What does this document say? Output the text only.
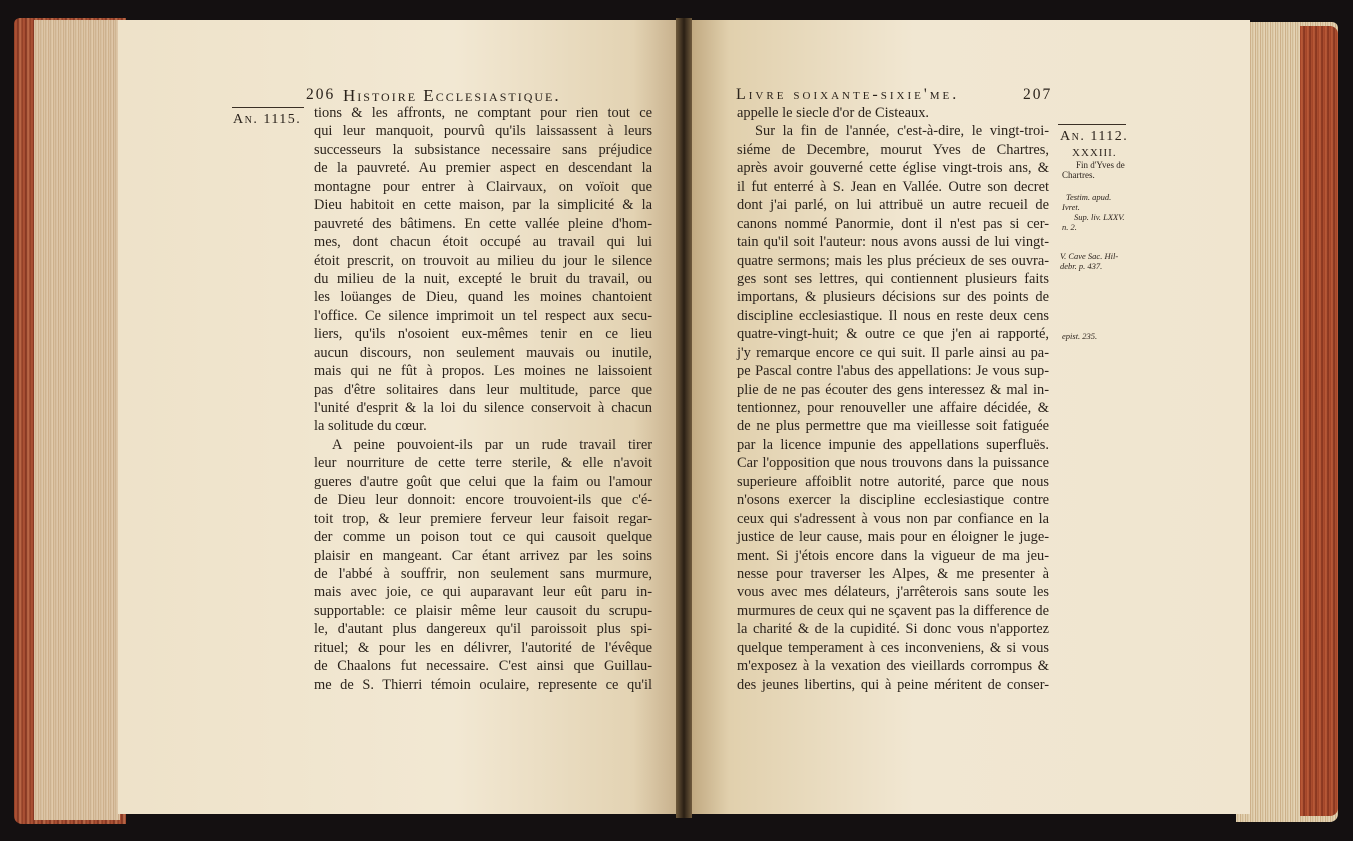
206 Histoire Ecclesiastique.
An. 1115. tions & les affronts, ne comptant pour rien tout ce
qui leur manquoit, pourvû qu'ils laissassent à leurs
successeurs la subsistance necessaire sans préjudice
de la pauvreté. Au premier aspect en descendant la
montagne pour entrer à Clairvaux, on voïoit que
Dieu habitoit en cette maison, par la simplicité & la
pauvreté des bâtimens. En cette vallée pleine d'hom-
mes, dont chacun étoit occupé au travail qui lui
étoit prescrit, on trouvoit au milieu du jour le silence
du milieu de la nuit, excepté le bruit du travail, ou
les loüanges de Dieu, quand les moines chantoient
l'office. Ce silence imprimoit un tel respect aux secu-
liers, qu'ils n'osoient eux-mêmes tenir en ce lieu
aucun discours, non seulement mauvais ou inutile,
mais qui ne fût à propos. Les moines ne laissoient
pas d'être solitaires dans leur multitude, parce que
l'unité d'esprit & la loi du silence conservoit à chacun
la solitude du cœur.
A peine pouvoient-ils par un rude travail tirer
leur nourriture de cette terre sterile, & elle n'avoit
gueres d'autre goût que celui que la faim ou l'amour
de Dieu leur donnoit: encore trouvoient-ils que c'é-
toit trop, & leur premiere ferveur leur faisoit regar-
der comme un poison tout ce qui causoit quelque
plaisir en mangeant. Car étant arrivez par les soins
de l'abbé à souffrir, non seulement sans murmure,
mais avec joie, ce qui auparavant leur eût paru in-
supportable: ce plaisir même leur causoit du scrupu-
le, d'autant plus dangereux qu'il paroissoit plus spi-
rituel; & pour les en délivrer, l'autorité de l'évêque
de Chaalons fut necessaire. C'est ainsi que Guillau-
me de S. Thierri témoin oculaire, represente ce qu'il
Livre soixante-sixie'me.	207
An. 1112.
XXXIII.
Fin d'Yves de
Chartres.
Testim. apud.
Ivret.
Sup. liv. LXXV.
n. 2.
V. Cave Sac. Hil-
debr. p. 437.
epist. 235.
appelle le siecle d'or de Cisteaux.
Sur la fin de l'année, c'est-à-dire, le vingt-troi-
siéme de Decembre, mourut Yves de Chartres,
après avoir gouverné cette église vingt-trois ans, &
il fut enterré à S. Jean en Vallée. Outre son decret
dont j'ai parlé, on lui attribuë un autre recueil de
canons nommé Panormie, dont il n'est pas si cer-
tain qu'il soit l'auteur: nous avons aussi de lui vingt-
quatre sermons; mais les plus précieux de ses ouvra-
ges sont ses lettres, qui contiennent plusieurs faits
importans, & plusieurs décisions sur des points de
discipline ecclesiastique. Il nous en reste deux cens
quatre-vingt-huit; & outre ce que j'en ai rapporté,
j'y remarque encore ce qui suit. Il parle ainsi au pa-
pe Pascal contre l'abus des appellations: Je vous sup-
plie de ne pas écouter des gens interessez & mal in-
tentionnez, pour renouveller une affaire décidée, &
de ne plus permettre que ma vieillesse soit fatiguée
par la licence impunie des appellations superfluës.
Car l'opposition que nous trouvons dans la puissance
superieure affoiblit notre autorité, parce que nous
n'osons exercer la discipline ecclesiastique contre
ceux qui s'adressent à vous non par confiance en la
justice de leur cause, mais pour en éloigner le juge-
ment. Si j'étois encore dans la vigueur de ma jeu-
nesse pour traverser les Alpes, & me presenter à
vous avec mes délateurs, j'arrêterois sans soute les
murmures de ceux qui ne sçavent pas la difference de
la charité & de la cupidité. Si donc vous n'apportez
quelque temperament à ces inconveniens, & si vous
m'exposez à la vexation des vieillards corrompus &
des jeunes libertins, qui à peine méritent de conser-
